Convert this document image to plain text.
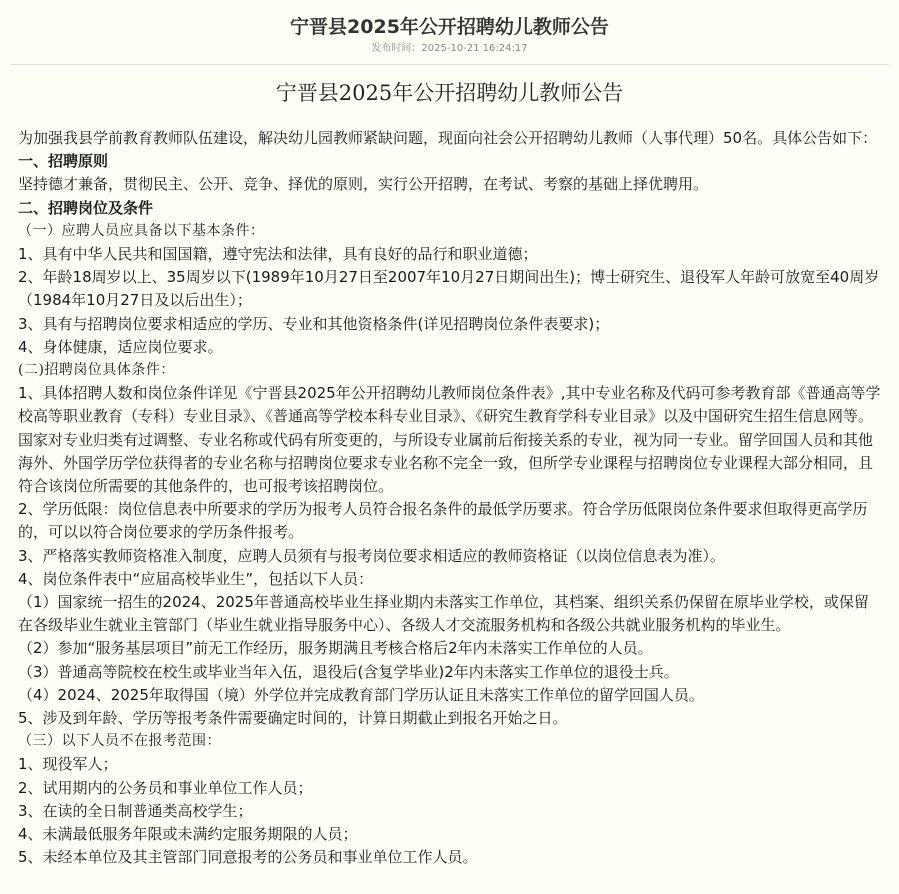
宁晋县2025年公开招聘幼儿教师公告
发布时间：2025-10-21 16:24:17
宁晋县2025年公开招聘幼儿教师公告

为加强我县学前教育教师队伍建设，解决幼儿园教师紧缺问题，现面向社会公开招聘幼儿教师（人事代理）50名。具体公告如下：

一、招聘原则

坚持德才兼备，贯彻民主、公开、竞争、择优的原则，实行公开招聘，在考试、考察的基础上择优聘用。

二、招聘岗位及条件

（一）应聘人员应具备以下基本条件：

1、具有中华人民共和国国籍，遵守宪法和法律，具有良好的品行和职业道德；

2、年龄18周岁以上、35周岁以下(1989年10月27日至2007年10月27日期间出生)；博士研究生、退役军人年龄可放宽至40周岁（1984年10月27日及以后出生）；

3、具有与招聘岗位要求相适应的学历、专业和其他资格条件(详见招聘岗位条件表要求)；

4、身体健康，适应岗位要求。

(二)招聘岗位具体条件：

1、具体招聘人数和岗位条件详见《宁晋县2025年公开招聘幼儿教师岗位条件表》,其中专业名称及代码可参考教育部《普通高等学校高等职业教育（专科）专业目录》、《普通高等学校本科专业目录》、《研究生教育学科专业目录》以及中国研究生招生信息网等。国家对专业归类有过调整、专业名称或代码有所变更的，与所设专业属前后衔接关系的专业，视为同一专业。留学回国人员和其他海外、外国学历学位获得者的专业名称与招聘岗位要求专业名称不完全一致，但所学专业课程与招聘岗位专业课程大部分相同，且符合该岗位所需要的其他条件的，也可报考该招聘岗位。

2、学历低限：岗位信息表中所要求的学历为报考人员符合报名条件的最低学历要求。符合学历低限岗位条件要求但取得更高学历的，可以以符合岗位要求的学历条件报考。

3、严格落实教师资格准入制度，应聘人员须有与报考岗位要求相适应的教师资格证（以岗位信息表为准）。

4、岗位条件表中“应届高校毕业生”，包括以下人员：

（1）国家统一招生的2024、2025年普通高校毕业生择业期内未落实工作单位，其档案、组织关系仍保留在原毕业学校，或保留在各级毕业生就业主管部门（毕业生就业指导服务中心）、各级人才交流服务机构和各级公共就业服务机构的毕业生。

（2）参加“服务基层项目”前无工作经历，服务期满且考核合格后2年内未落实工作单位的人员。

（3）普通高等院校在校生或毕业当年入伍，退役后(含复学毕业)2年内未落实工作单位的退役士兵。

（4）2024、2025年取得国（境）外学位并完成教育部门学历认证且未落实工作单位的留学回国人员。

5、涉及到年龄、学历等报考条件需要确定时间的，计算日期截止到报名开始之日。

（三）以下人员不在报考范围：

1、现役军人；

2、试用期内的公务员和事业单位工作人员；

3、在读的全日制普通类高校学生；

4、未满最低服务年限或未满约定服务期限的人员；

5、未经本单位及其主管部门同意报考的公务员和事业单位工作人员。
